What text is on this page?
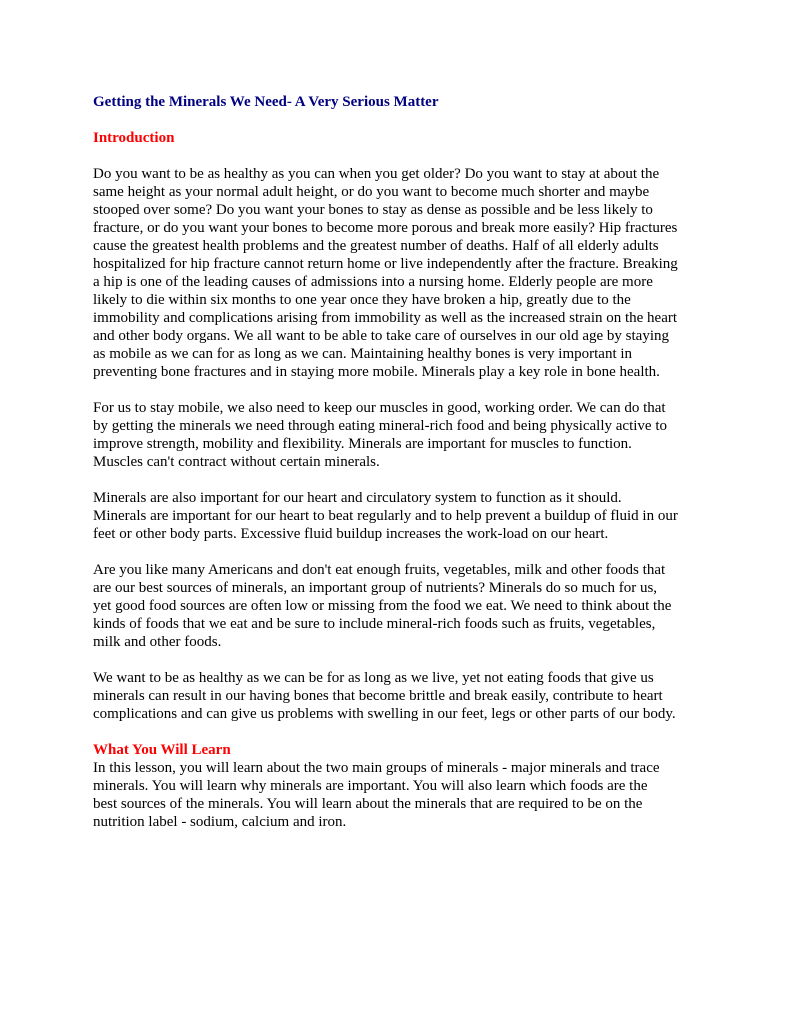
Getting the Minerals We Need- A Very Serious Matter
Introduction

Do you want to be as healthy as you can when you get older? Do you want to stay at about the
same height as your normal adult height, or do you want to become much shorter and maybe
stooped over some? Do you want your bones to stay as dense as possible and be less likely to
fracture, or do you want your bones to become more porous and break more easily? Hip fractures
cause the greatest health problems and the greatest number of deaths. Half of all elderly adults
hospitalized for hip fracture cannot return home or live independently after the fracture. Breaking
a hip is one of the leading causes of admissions into a nursing home. Elderly people are more
likely to die within six months to one year once they have broken a hip, greatly due to the
immobility and complications arising from immobility as well as the increased strain on the heart
and other body organs. We all want to be able to take care of ourselves in our old age by staying
as mobile as we can for as long as we can. Maintaining healthy bones is very important in
preventing bone fractures and in staying more mobile. Minerals play a key role in bone health.

For us to stay mobile, we also need to keep our muscles in good, working order. We can do that
by getting the minerals we need through eating mineral-rich food and being physically active to
improve strength, mobility and flexibility. Minerals are important for muscles to function.
Muscles can't contract without certain minerals.

Minerals are also important for our heart and circulatory system to function as it should.
Minerals are important for our heart to beat regularly and to help prevent a buildup of fluid in our
feet or other body parts. Excessive fluid buildup increases the work-load on our heart.

Are you like many Americans and don't eat enough fruits, vegetables, milk and other foods that
are our best sources of minerals, an important group of nutrients? Minerals do so much for us,
yet good food sources are often low or missing from the food we eat. We need to think about the
kinds of foods that we eat and be sure to include mineral-rich foods such as fruits, vegetables,
milk and other foods.

We want to be as healthy as we can be for as long as we live, yet not eating foods that give us
minerals can result in our having bones that become brittle and break easily, contribute to heart
complications and can give us problems with swelling in our feet, legs or other parts of our body.

What You Will Learn

In this lesson, you will learn about the two main groups of minerals - major minerals and trace
minerals. You will learn why minerals are important. You will also learn which foods are the
best sources of the minerals. You will learn about the minerals that are required to be on the
nutrition label - sodium, calcium and iron.
